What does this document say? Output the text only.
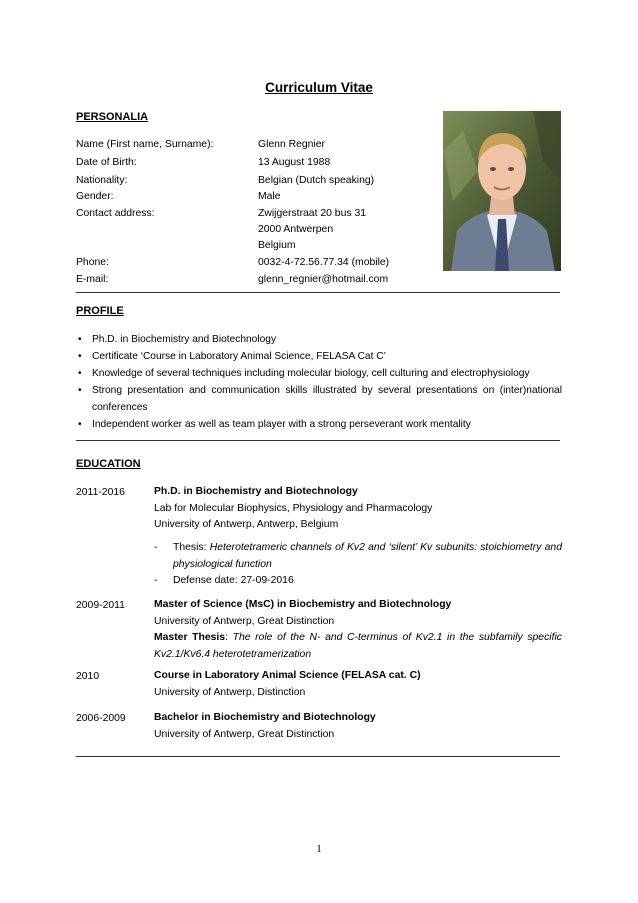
Curriculum Vitae
PERSONALIA
Name (First name, Surname):	Glenn Regnier
Date of Birth:	13 August 1988
Nationality:	Belgian (Dutch speaking)
Gender:	Male
Contact address:	Zwijgerstraat 20 bus 31
2000 Antwerpen
Belgium
Phone:	0032-4-72.56.77.34 (mobile)
E-mail:	glenn_regnier@hotmail.com
PROFILE
• Ph.D. in Biochemistry and Biotechnology
• Certificate ‘Course in Laboratory Animal Science, FELASA Cat C’
• Knowledge of several techniques including molecular biology, cell culturing and electrophysiology
• Strong presentation and communication skills illustrated by several presentations on (inter)national conferences
• Independent worker as well as team player with a strong perseverant work mentality
EDUCATION
2011-2016	Ph.D. in Biochemistry and Biotechnology
Lab for Molecular Biophysics, Physiology and Pharmacology
University of Antwerp, Antwerp, Belgium
- Thesis: Heterotetrameric channels of Kv2 and ‘silent’ Kv subunits: stoichiometry and physiological function
- Defense date: 27-09-2016
2009-2011	Master of Science (MsC) in Biochemistry and Biotechnology
University of Antwerp, Great Distinction
Master Thesis: The role of the N- and C-terminus of Kv2.1 in the subfamily specific Kv2.1/Kv6.4 heterotetramerization
2010	Course in Laboratory Animal Science (FELASA cat. C)
University of Antwerp, Distinction
2006-2009	Bachelor in Biochemistry and Biotechnology
University of Antwerp, Great Distinction
1
